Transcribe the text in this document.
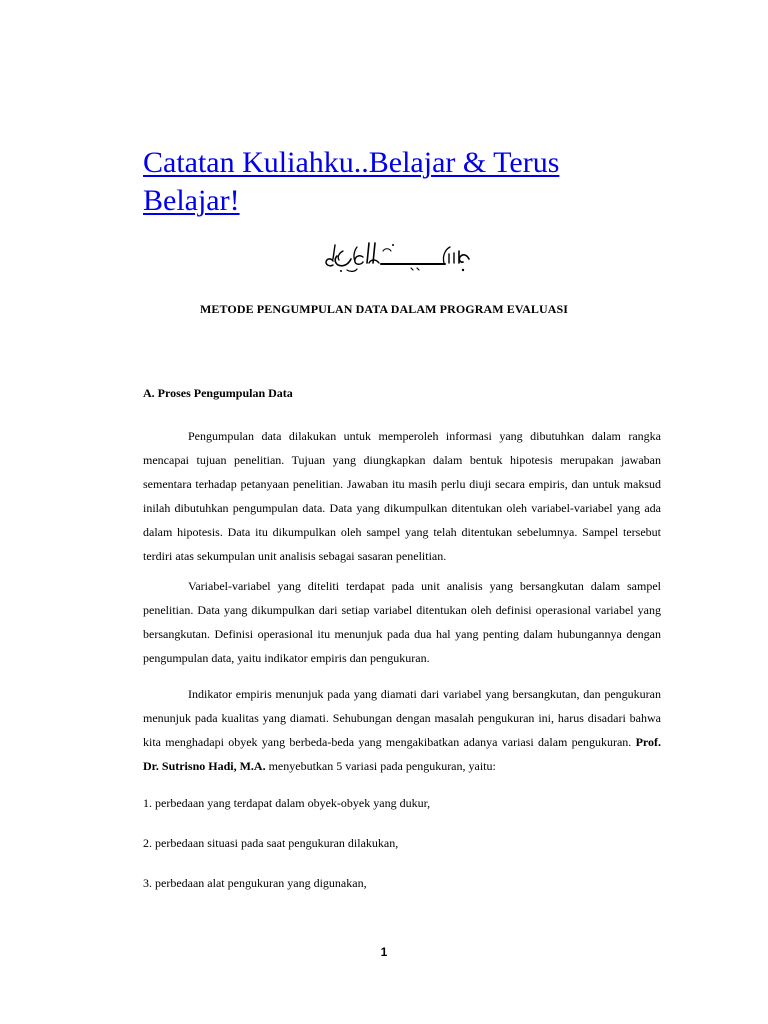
Catatan Kuliahku..Belajar & Terus Belajar!
METODE PENGUMPULAN DATA DALAM PROGRAM EVALUASI
A. Proses Pengumpulan Data

Pengumpulan data dilakukan untuk memperoleh informasi yang dibutuhkan dalam rangka mencapai tujuan penelitian. Tujuan yang diungkapkan dalam bentuk hipotesis merupakan jawaban sementara terhadap petanyaan penelitian. Jawaban itu masih perlu diuji secara empiris, dan untuk maksud inilah dibutuhkan pengumpulan data. Data yang dikumpulkan ditentukan oleh variabel-variabel yang ada dalam hipotesis. Data itu dikumpulkan oleh sampel yang telah ditentukan sebelumnya. Sampel tersebut terdiri atas sekumpulan unit analisis sebagai sasaran penelitian.

Variabel-variabel yang diteliti terdapat pada unit analisis yang bersangkutan dalam sampel penelitian. Data yang dikumpulkan dari setiap variabel ditentukan oleh definisi operasional variabel yang bersangkutan. Definisi operasional itu menunjuk pada dua hal yang penting dalam hubungannya dengan pengumpulan data, yaitu indikator empiris dan pengukuran.

Indikator empiris menunjuk pada yang diamati dari variabel yang bersangkutan, dan pengukuran menunjuk pada kualitas yang diamati. Sehubungan dengan masalah pengukuran ini, harus disadari bahwa kita menghadapi obyek yang berbeda-beda yang mengakibatkan adanya variasi dalam pengukuran. Prof. Dr. Sutrisno Hadi, M.A. menyebutkan 5 variasi pada pengukuran, yaitu:

1. perbedaan yang terdapat dalam obyek-obyek yang dukur,

2. perbedaan situasi pada saat pengukuran dilakukan,

3. perbedaan alat pengukuran yang digunakan,

1
